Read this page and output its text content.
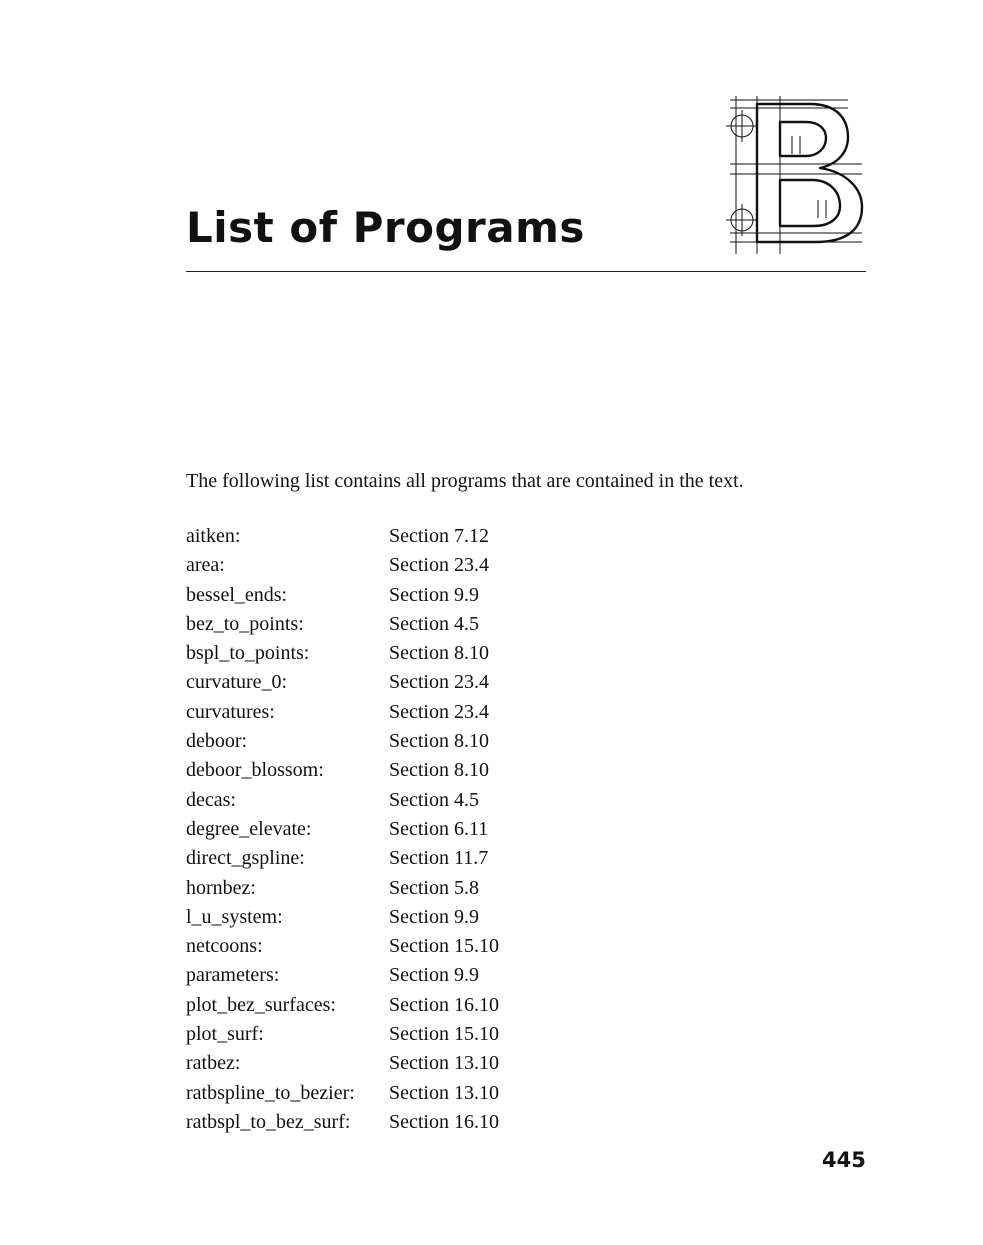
List of Programs

The following list contains all programs that are contained in the text.

aitken:	Section 7.12
area:	Section 23.4
bessel_ends:	Section 9.9
bez_to_points:	Section 4.5
bspl_to_points:	Section 8.10
curvature_0:	Section 23.4
curvatures:	Section 23.4
deboor:	Section 8.10
deboor_blossom:	Section 8.10
decas:	Section 4.5
degree_elevate:	Section 6.11
direct_gspline:	Section 11.7
hornbez:	Section 5.8
l_u_system:	Section 9.9
netcoons:	Section 15.10
parameters:	Section 9.9
plot_bez_surfaces:	Section 16.10
plot_surf:	Section 15.10
ratbez:	Section 13.10
ratbspline_to_bezier:	Section 13.10
ratbspl_to_bez_surf:	Section 16.10
445
